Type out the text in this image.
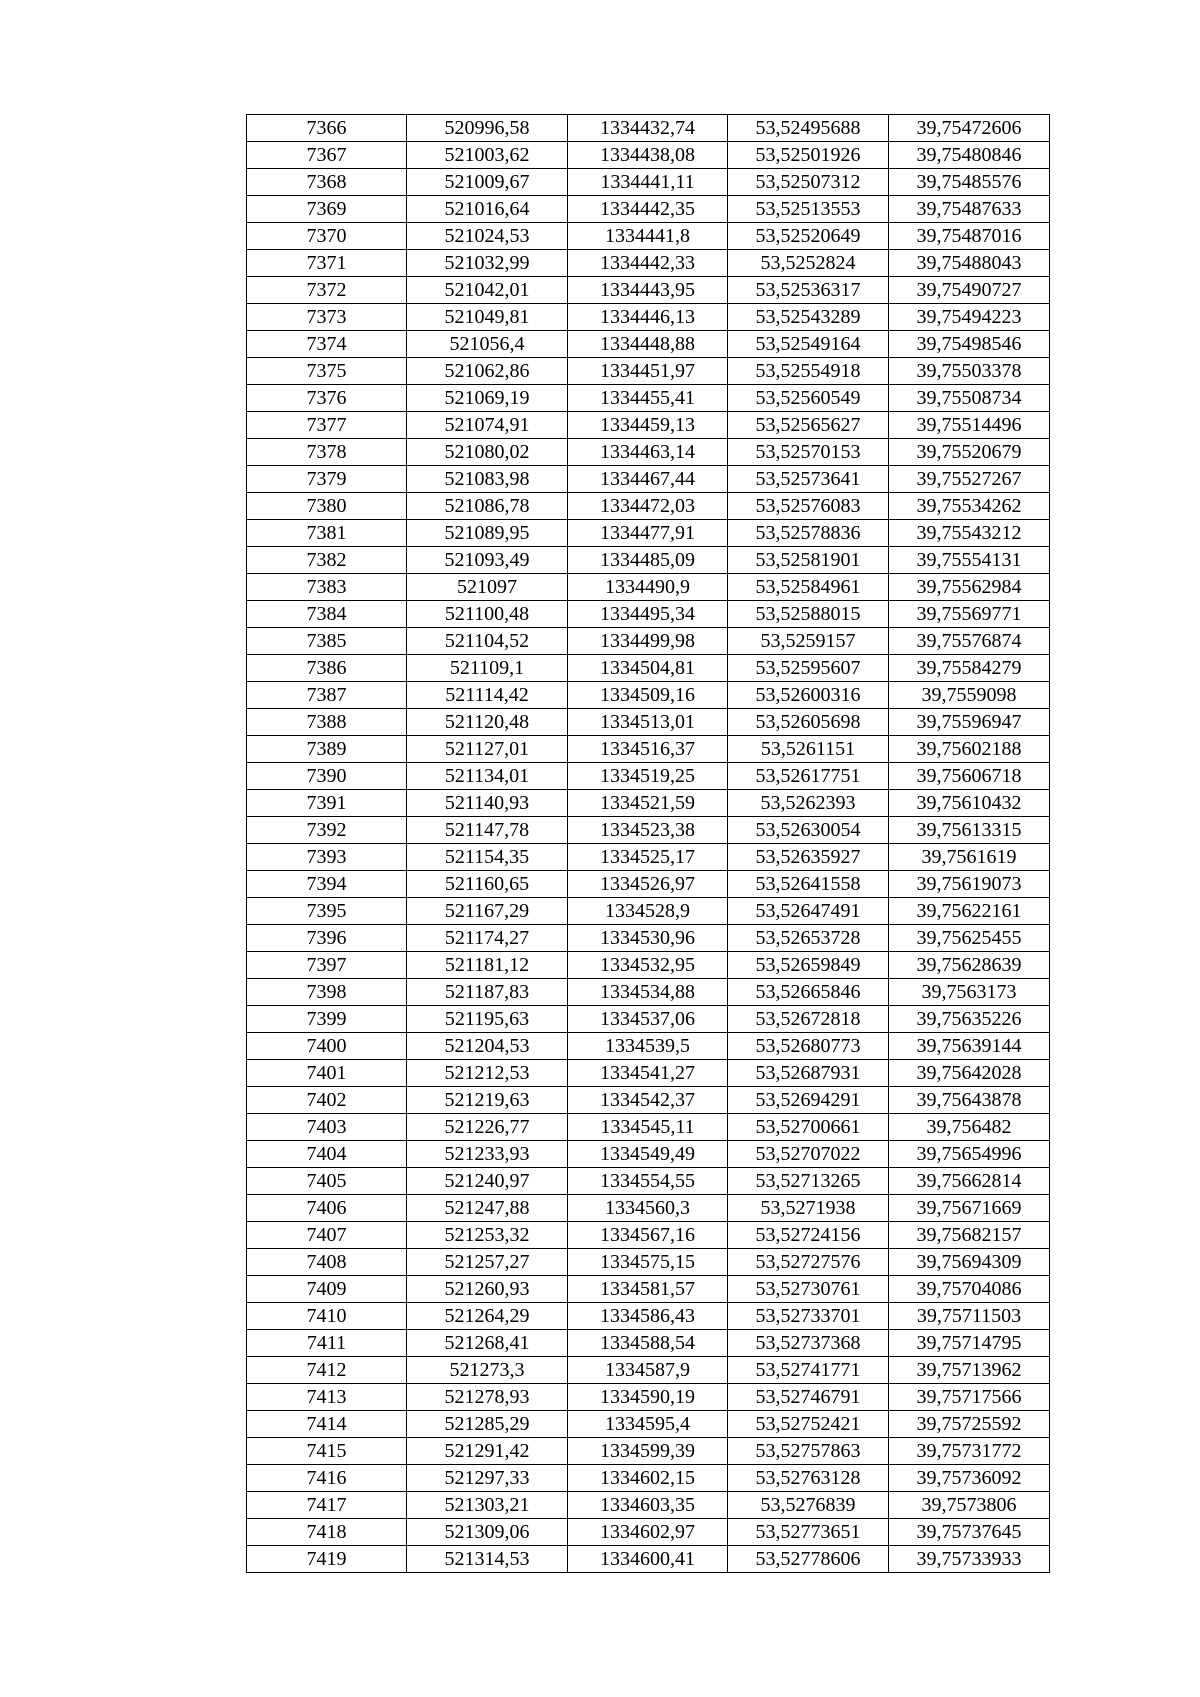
7366	520996,58	1334432,74	53,52495688	39,75472606
7367	521003,62	1334438,08	53,52501926	39,75480846
7368	521009,67	1334441,11	53,52507312	39,75485576
7369	521016,64	1334442,35	53,52513553	39,75487633
7370	521024,53	1334441,8	53,52520649	39,75487016
7371	521032,99	1334442,33	53,5252824	39,75488043
7372	521042,01	1334443,95	53,52536317	39,75490727
7373	521049,81	1334446,13	53,52543289	39,75494223
7374	521056,4	1334448,88	53,52549164	39,75498546
7375	521062,86	1334451,97	53,52554918	39,75503378
7376	521069,19	1334455,41	53,52560549	39,75508734
7377	521074,91	1334459,13	53,52565627	39,75514496
7378	521080,02	1334463,14	53,52570153	39,75520679
7379	521083,98	1334467,44	53,52573641	39,75527267
7380	521086,78	1334472,03	53,52576083	39,75534262
7381	521089,95	1334477,91	53,52578836	39,75543212
7382	521093,49	1334485,09	53,52581901	39,75554131
7383	521097	1334490,9	53,52584961	39,75562984
7384	521100,48	1334495,34	53,52588015	39,75569771
7385	521104,52	1334499,98	53,5259157	39,75576874
7386	521109,1	1334504,81	53,52595607	39,75584279
7387	521114,42	1334509,16	53,52600316	39,7559098
7388	521120,48	1334513,01	53,52605698	39,75596947
7389	521127,01	1334516,37	53,5261151	39,75602188
7390	521134,01	1334519,25	53,52617751	39,75606718
7391	521140,93	1334521,59	53,5262393	39,75610432
7392	521147,78	1334523,38	53,52630054	39,75613315
7393	521154,35	1334525,17	53,52635927	39,7561619
7394	521160,65	1334526,97	53,52641558	39,75619073
7395	521167,29	1334528,9	53,52647491	39,75622161
7396	521174,27	1334530,96	53,52653728	39,75625455
7397	521181,12	1334532,95	53,52659849	39,75628639
7398	521187,83	1334534,88	53,52665846	39,7563173
7399	521195,63	1334537,06	53,52672818	39,75635226
7400	521204,53	1334539,5	53,52680773	39,75639144
7401	521212,53	1334541,27	53,52687931	39,75642028
7402	521219,63	1334542,37	53,52694291	39,75643878
7403	521226,77	1334545,11	53,52700661	39,756482
7404	521233,93	1334549,49	53,52707022	39,75654996
7405	521240,97	1334554,55	53,52713265	39,75662814
7406	521247,88	1334560,3	53,5271938	39,75671669
7407	521253,32	1334567,16	53,52724156	39,75682157
7408	521257,27	1334575,15	53,52727576	39,75694309
7409	521260,93	1334581,57	53,52730761	39,75704086
7410	521264,29	1334586,43	53,52733701	39,75711503
7411	521268,41	1334588,54	53,52737368	39,75714795
7412	521273,3	1334587,9	53,52741771	39,75713962
7413	521278,93	1334590,19	53,52746791	39,75717566
7414	521285,29	1334595,4	53,52752421	39,75725592
7415	521291,42	1334599,39	53,52757863	39,75731772
7416	521297,33	1334602,15	53,52763128	39,75736092
7417	521303,21	1334603,35	53,5276839	39,7573806
7418	521309,06	1334602,97	53,52773651	39,75737645
7419	521314,53	1334600,41	53,52778606	39,75733933
